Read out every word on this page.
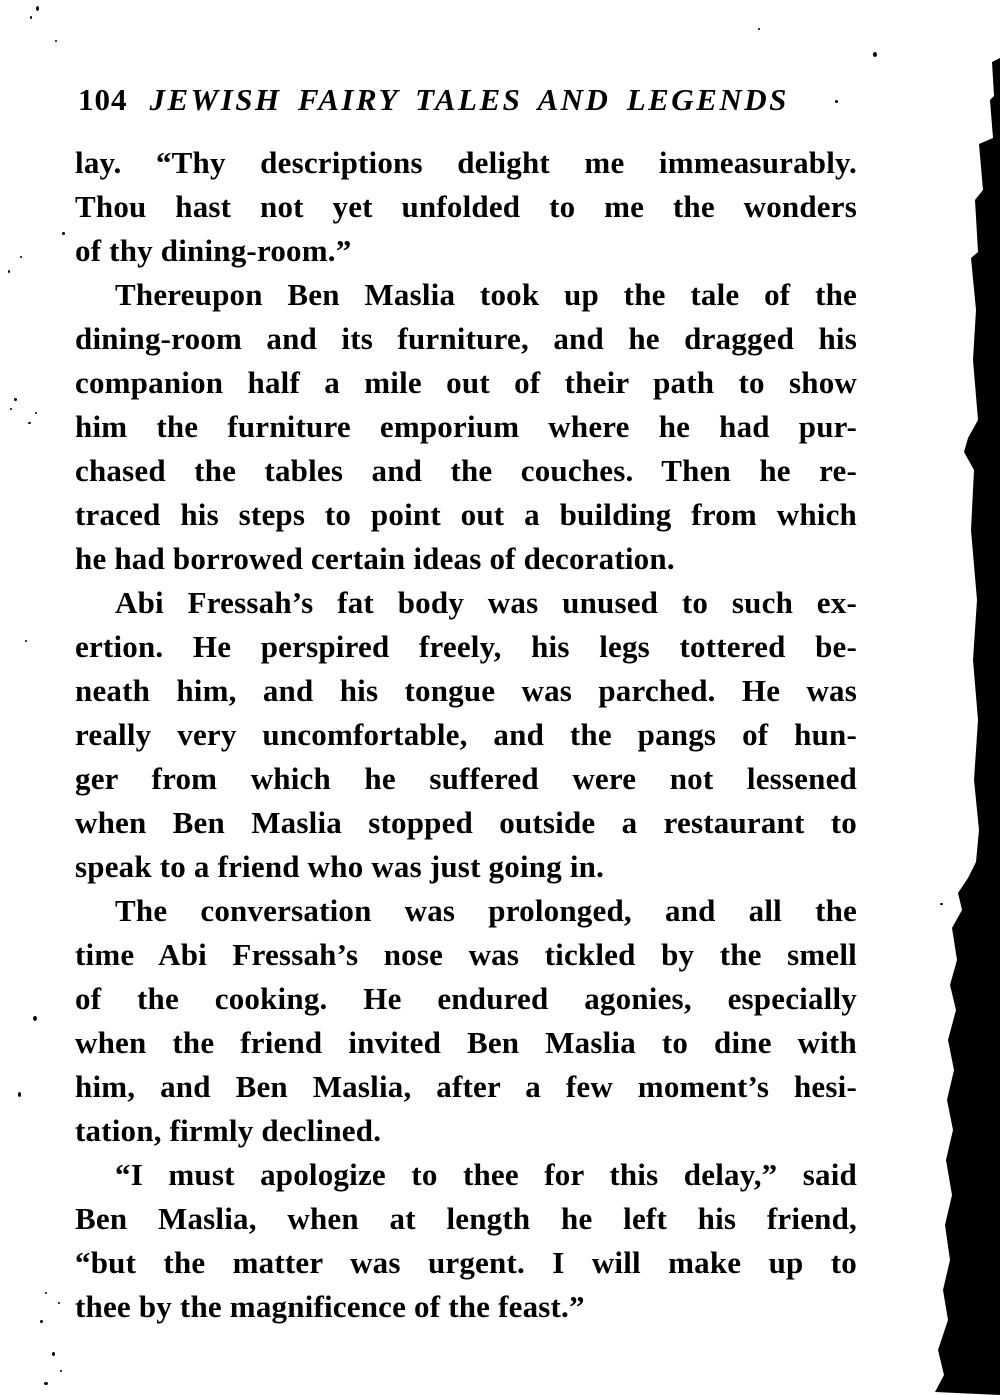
104 JEWISH FAIRY TALES AND LEGENDS
lay. “Thy descriptions delight me immeasurably.
Thou hast not yet unfolded to me the wonders
of thy dining-room.”
Thereupon Ben Maslia took up the tale of the
dining-room and its furniture, and he dragged his
companion half a mile out of their path to show
him the furniture emporium where he had pur-
chased the tables and the couches. Then he re-
traced his steps to point out a building from which
he had borrowed certain ideas of decoration.
Abi Fressah’s fat body was unused to such ex-
ertion. He perspired freely, his legs tottered be-
neath him, and his tongue was parched. He was
really very uncomfortable, and the pangs of hun-
ger from which he suffered were not lessened
when Ben Maslia stopped outside a restaurant to
speak to a friend who was just going in.
The conversation was prolonged, and all the
time Abi Fressah’s nose was tickled by the smell
of the cooking. He endured agonies, especially
when the friend invited Ben Maslia to dine with
him, and Ben Maslia, after a few moment’s hesi-
tation, firmly declined.
“I must apologize to thee for this delay,” said
Ben Maslia, when at length he left his friend,
“but the matter was urgent. I will make up to
thee by the magnificence of the feast.”
